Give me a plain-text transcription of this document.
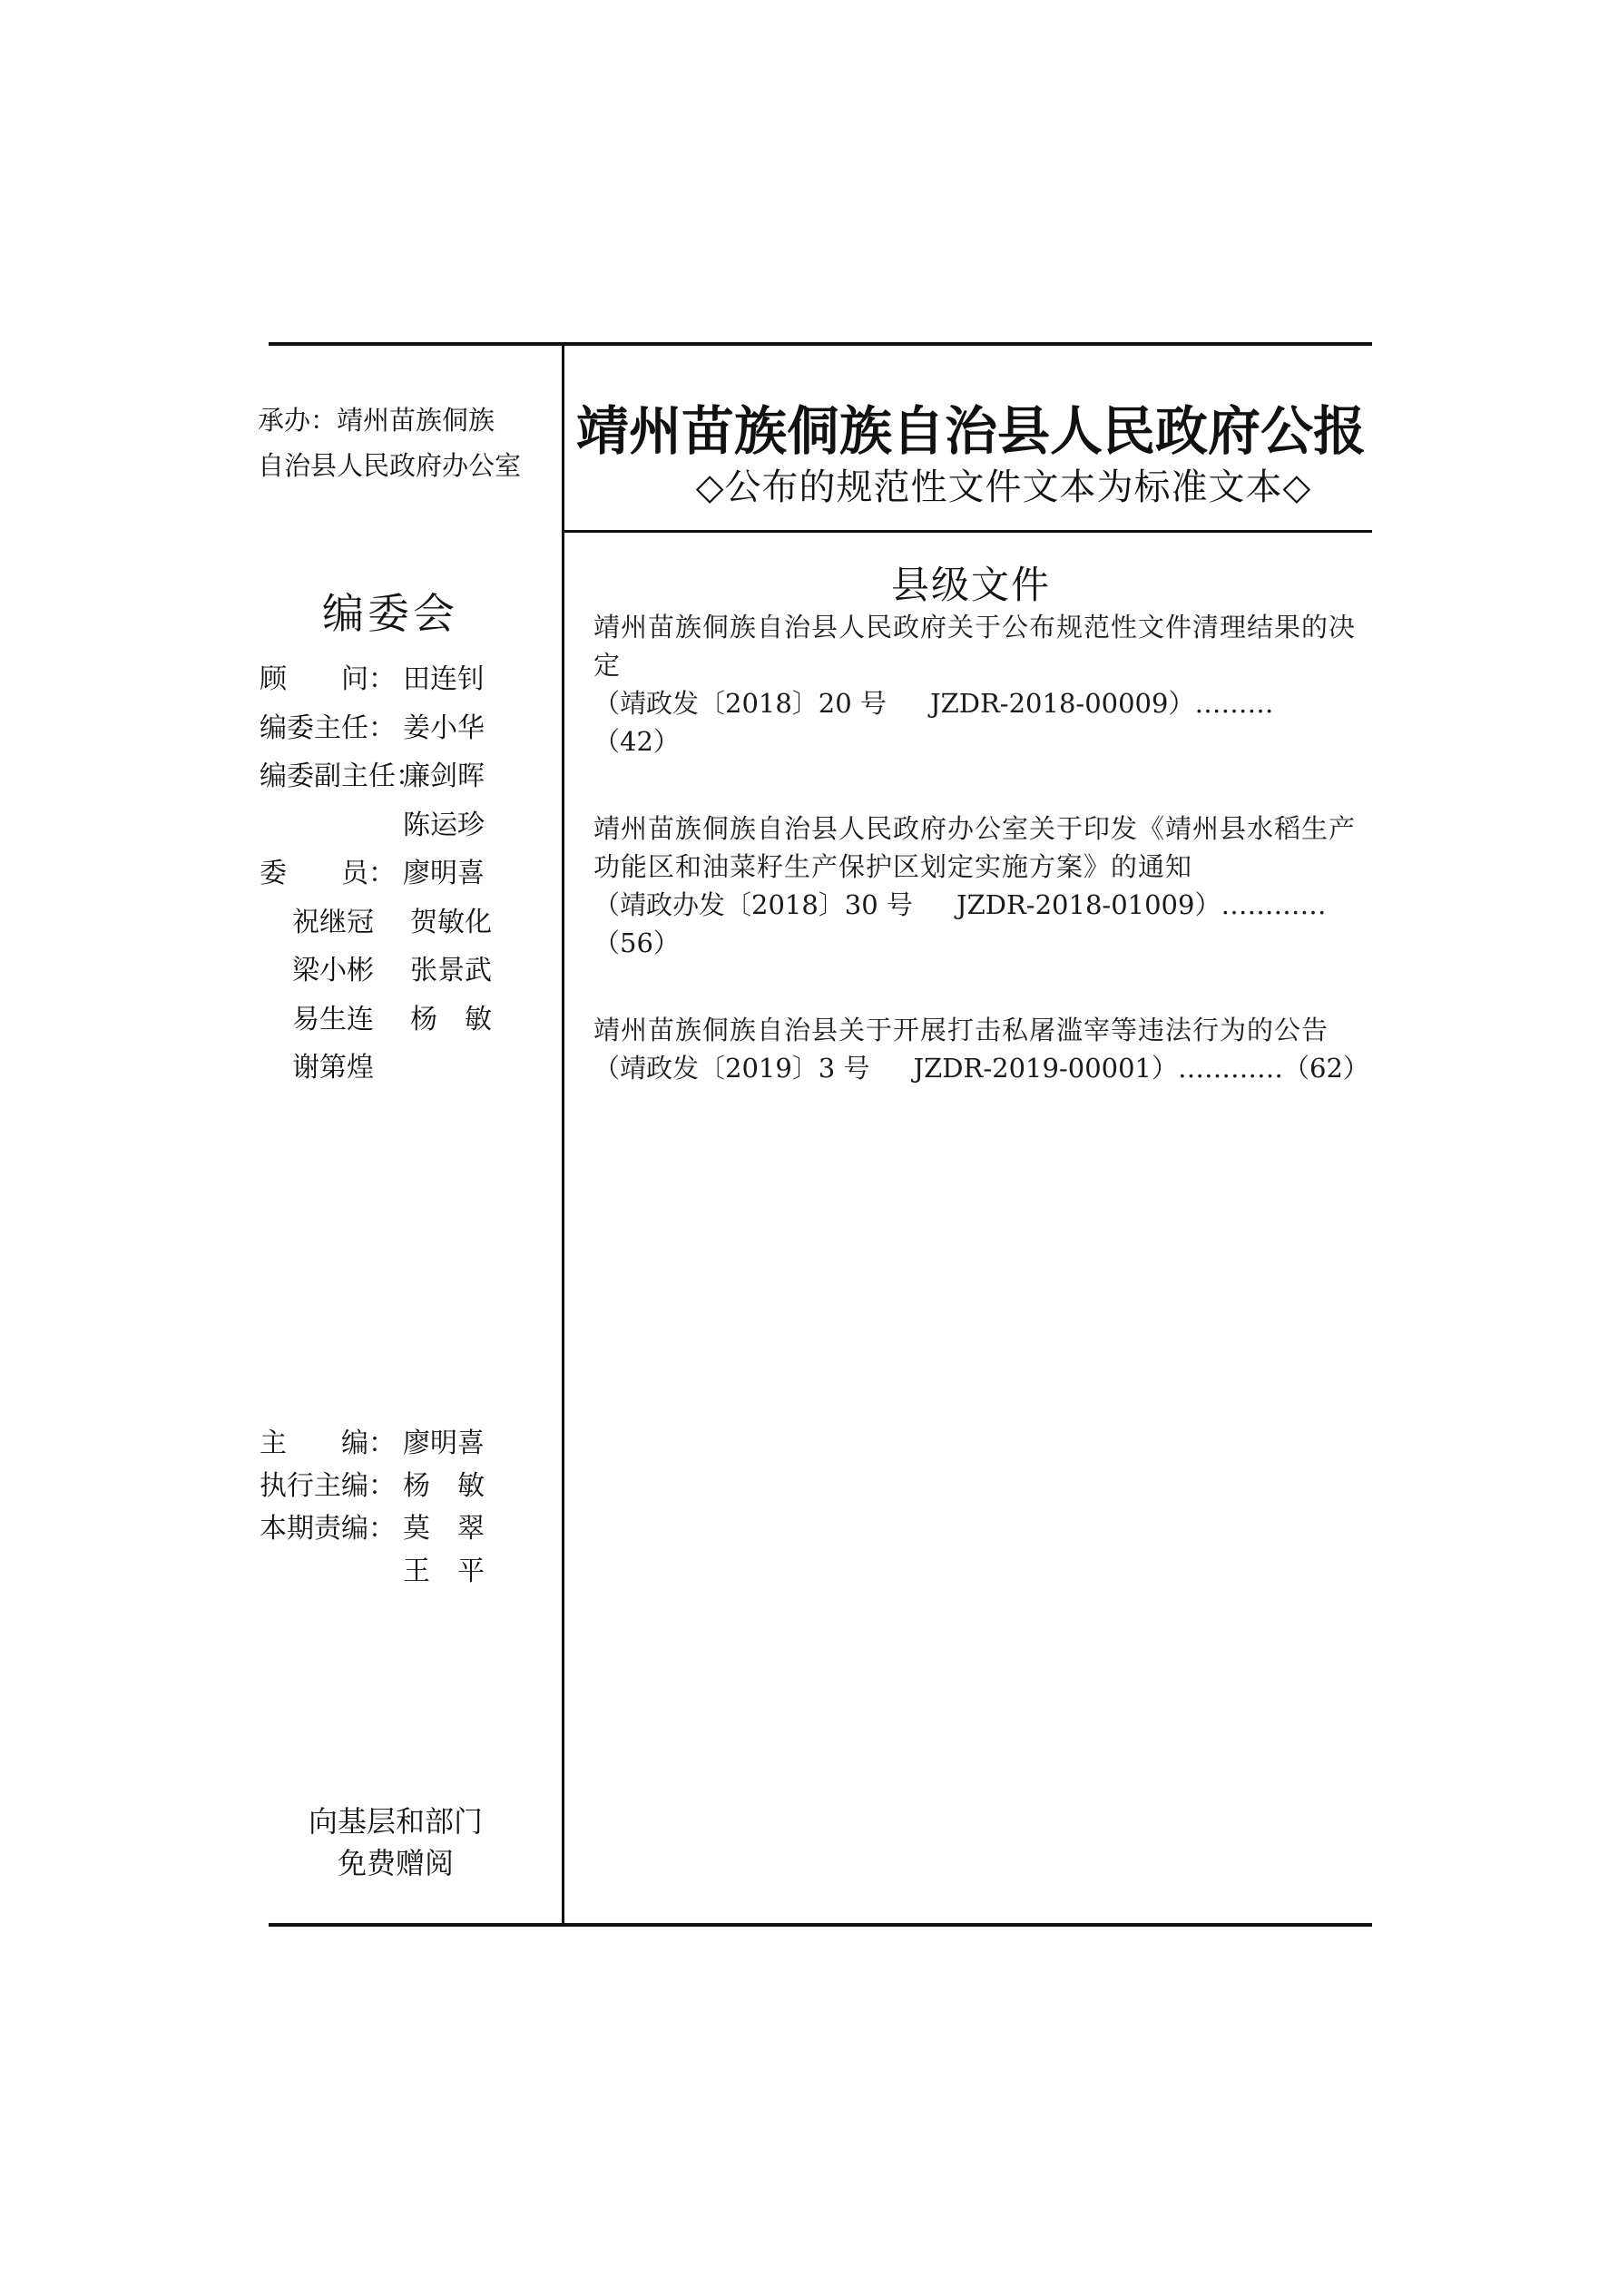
承办：靖州苗族侗族
自治县人民政府办公室
编委会
顾　　问： 田连钊
编委主任： 姜小华
编委副主任：廉剑晖
陈运珍
委　　员： 廖明喜
祝继冠 贺敏化
梁小彬 张景武
易生连 杨　敏
谢第煌
主　　编： 廖明喜
执行主编： 杨　敏
本期责编： 莫　翠
王　平
向基层和部门
免费赠阅
靖州苗族侗族自治县人民政府公报
◇公布的规范性文件文本为标准文本◇
县级文件
靖州苗族侗族自治县人民政府关于公布规范性文件清理结果的决定
（靖政发〔2018〕20 号 JZDR-2018-00009）………
（42）
靖州苗族侗族自治县人民政府办公室关于印发《靖州县水稻生产功能区和油菜籽生产保护区划定实施方案》的通知
（靖政办发〔2018〕30 号 JZDR-2018-01009）…………
（56）
靖州苗族侗族自治县关于开展打击私屠滥宰等违法行为的公告
（靖政发〔2019〕3 号 JZDR-2019-00001）…………（62）
